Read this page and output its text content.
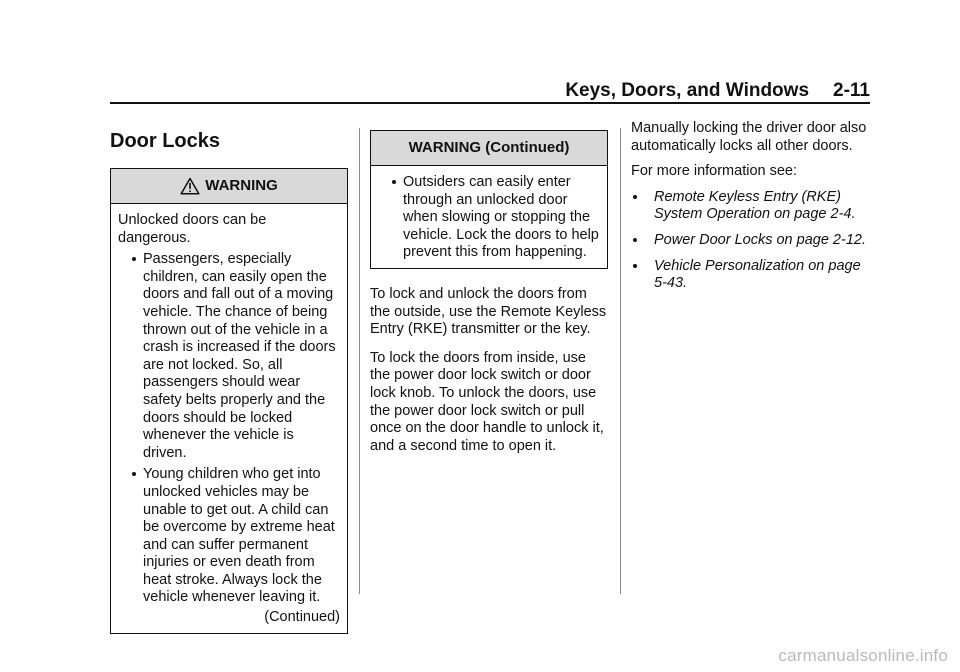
Keys, Doors, and Windows 2-11
Door Locks
WARNING

Unlocked doors can be dangerous.

Passengers, especially children, can easily open the doors and fall out of a moving vehicle. The chance of being thrown out of the vehicle in a crash is increased if the doors are not locked. So, all passengers should wear safety belts properly and the doors should be locked whenever the vehicle is driven.
Young children who get into unlocked vehicles may be unable to get out. A child can be overcome by extreme heat and can suffer permanent injuries or even death from heat stroke. Always lock the vehicle whenever leaving it.
(Continued)
WARNING (Continued)
Outsiders can easily enter through an unlocked door when slowing or stopping the vehicle. Lock the doors to help prevent this from happening.

To lock and unlock the doors from the outside, use the Remote Keyless Entry (RKE) transmitter or the key.

To lock the doors from inside, use the power door lock switch or door lock knob. To unlock the doors, use the power door lock switch or pull once on the door handle to unlock it, and a second time to open it.

Manually locking the driver door also automatically locks all other doors.

For more information see:

Remote Keyless Entry (RKE) System Operation on page 2-4.
Power Door Locks on page 2-12.
Vehicle Personalization on page 5-43.
carmanualsonline.info
